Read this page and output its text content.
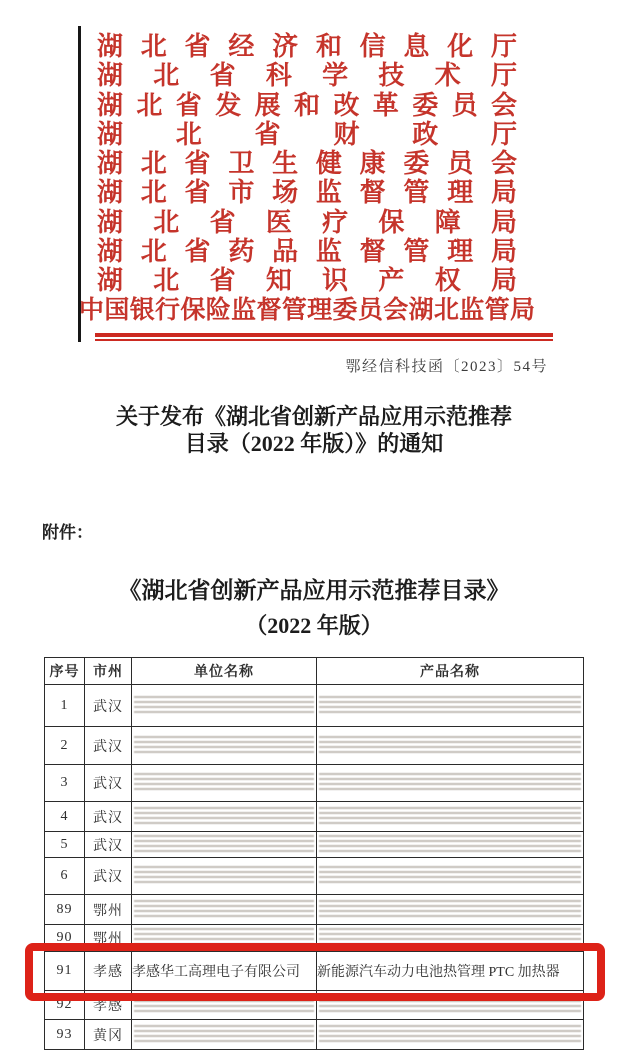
湖北省经济和信息化厅
湖北省科学技术厅
湖北省发展和改革委员会
湖北省财政厅
湖北省卫生健康委员会
湖北省市场监督管理局
湖北省医疗保障局
湖北省药品监督管理局
湖北省知识产权局
中国银行保险监督管理委员会湖北监管局
鄂经信科技函〔2023〕54号
关于发布《湖北省创新产品应用示范推荐
目录（2022 年版）》的通知
附件：
《湖北省创新产品应用示范推荐目录》
（2022 年版）
序号	市州	单位名称	产品名称
1	武汉	

2	武汉	

3	武汉	

4	武汉	

5	武汉	

6	武汉	

89	鄂州	

90	鄂州	

91	孝感	孝感华工高理电子有限公司	新能源汽车动力电池热管理 PTC 加热器
92	孝感	

93	黄冈	
